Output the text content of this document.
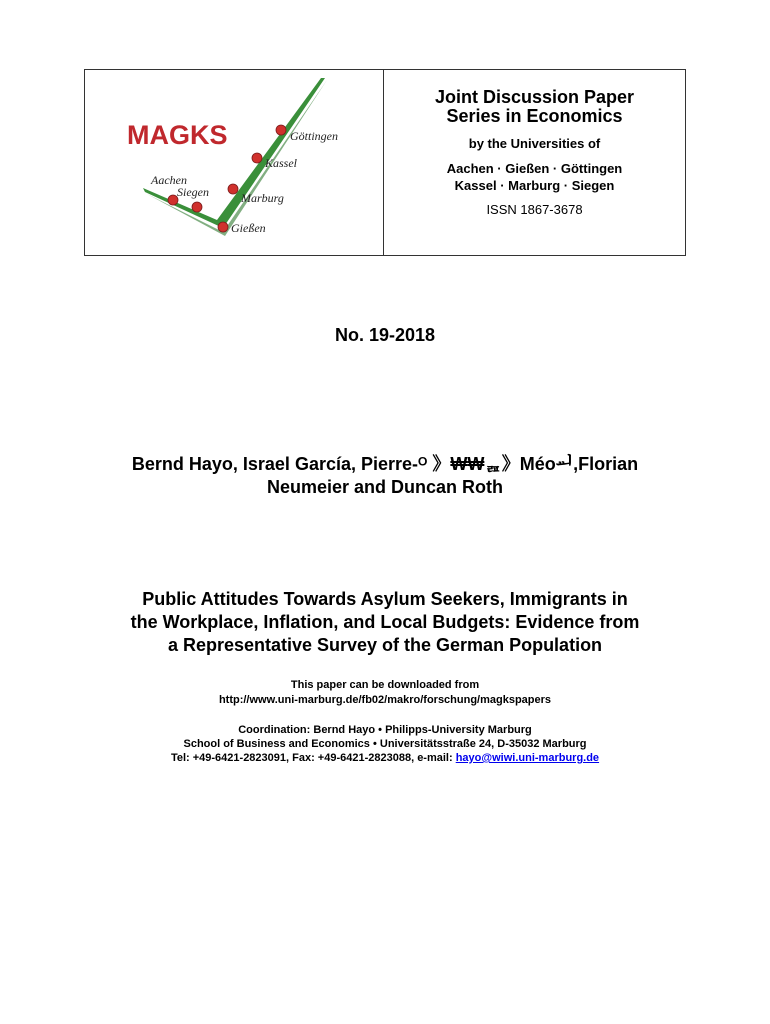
MAGKS	Göttingen
Kassel
Aachen
Siegen	Marburg
Gießen
Joint Discussion Paper
Series in Economics
by the Universities of
Aachen · Gießen · Göttingen
Kassel · Marburg · Siegen
ISSN 1867-3678
No. 19-2018
Bernd Hayo, Israel García, Pierre-ᴼ 》₩₩ᆵ》Méoᆈ,Florian
Neumeier and Duncan Roth
Public Attitudes Towards Asylum Seekers, Immigrants in
the Workplace, Inflation, and Local Budgets: Evidence from
a Representative Survey of the German Population
This paper can be downloaded from
http://www.uni-marburg.de/fb02/makro/forschung/magkspapers
Coordination: Bernd Hayo • Philipps-University Marburg
School of Business and Economics • Universitätsstraße 24, D-35032 Marburg
Tel: +49-6421-2823091, Fax: +49-6421-2823088, e-mail: hayo@wiwi.uni-marburg.de
